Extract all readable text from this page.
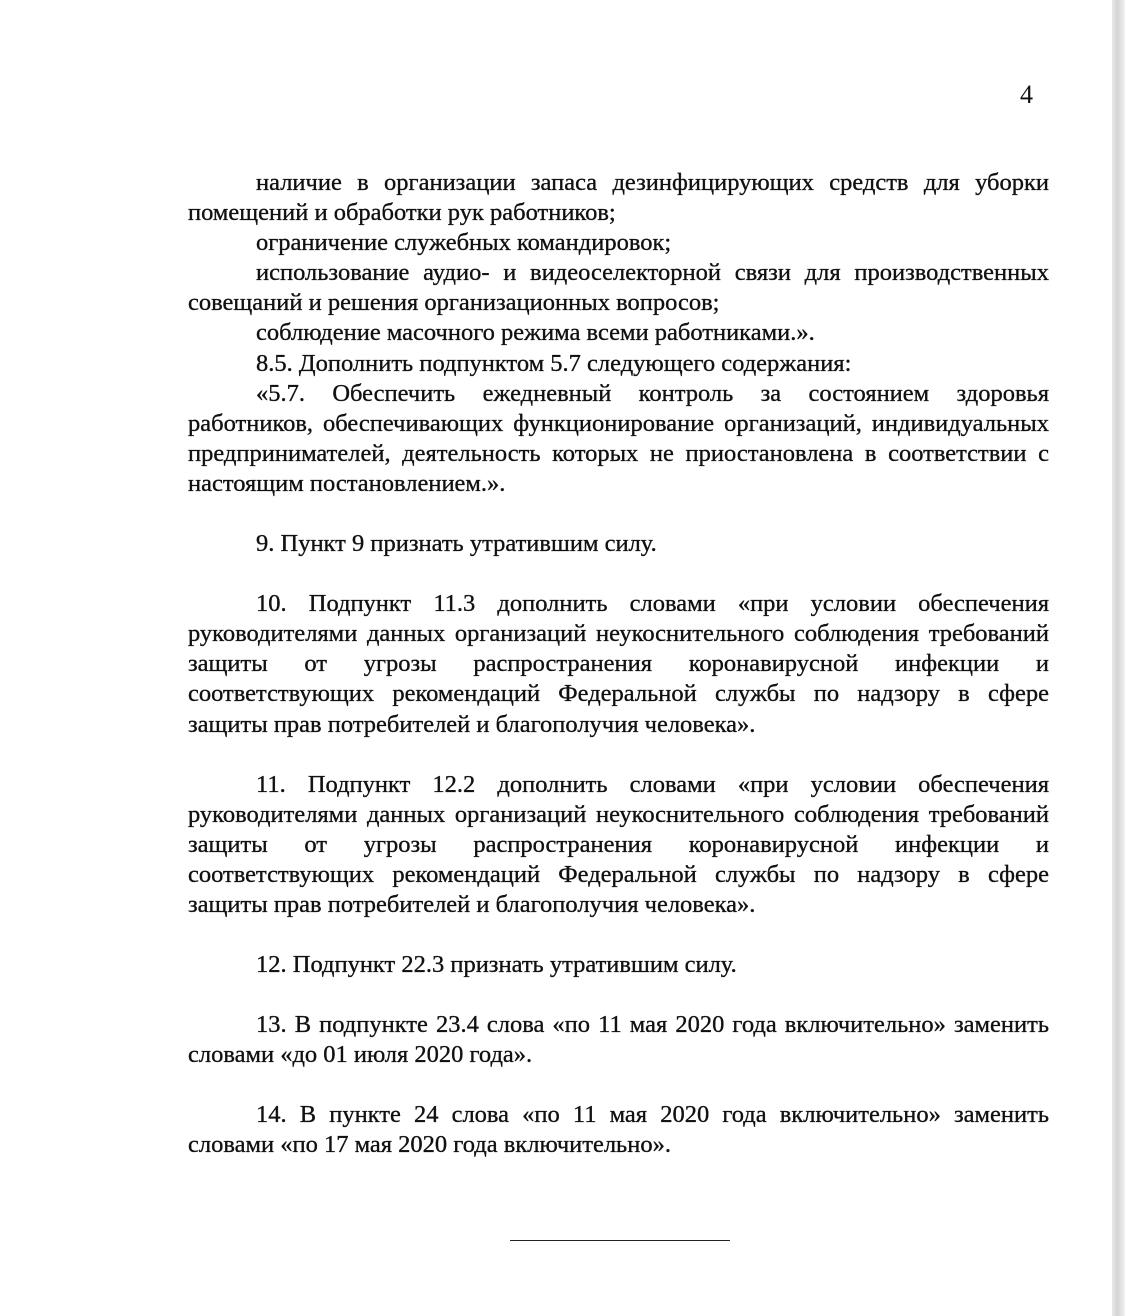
4

наличие в организации запаса дезинфицирующих средств для уборки помещений и обработки рук работников;

ограничение служебных командировок;

использование аудио- и видеоселекторной связи для производственных совещаний и решения организационных вопросов;

соблюдение масочного режима всеми работниками.».

8.5. Дополнить подпунктом 5.7 следующего содержания:

«5.7. Обеспечить ежедневный контроль за состоянием здоровья работников, обеспечивающих функционирование организаций, индивидуальных предпринимателей, деятельность которых не приостановлена в соответствии с настоящим постановлением.».

9. Пункт 9 признать утратившим силу.

10. Подпункт 11.3 дополнить словами «при условии обеспечения руководителями данных организаций неукоснительного соблюдения требований защиты от угрозы распространения коронавирусной инфекции и соответствующих рекомендаций Федеральной службы по надзору в сфере защиты прав потребителей и благополучия человека».

11. Подпункт 12.2 дополнить словами «при условии обеспечения руководителями данных организаций неукоснительного соблюдения требований защиты от угрозы распространения коронавирусной инфекции и соответствующих рекомендаций Федеральной службы по надзору в сфере защиты прав потребителей и благополучия человека».

12. Подпункт 22.3 признать утратившим силу.

13. В подпункте 23.4 слова «по 11 мая 2020 года включительно» заменить словами «до 01 июля 2020 года».

14. В пункте 24 слова «по 11 мая 2020 года включительно» заменить словами «по 17 мая 2020 года включительно».
